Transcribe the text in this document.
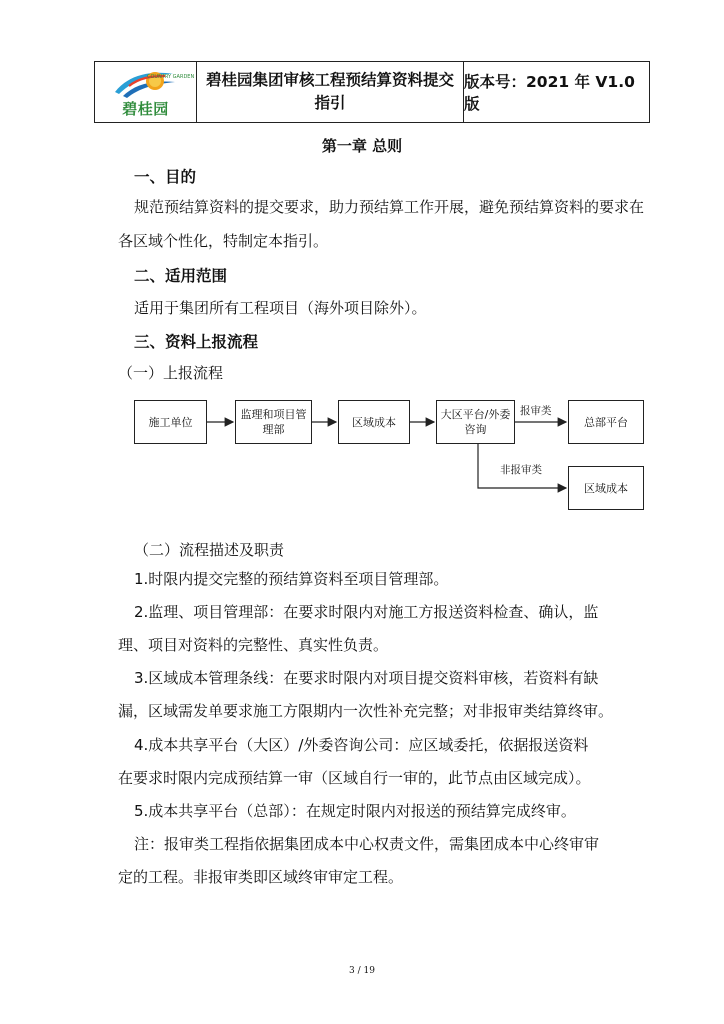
COUNTRY GARDEN
碧桂园
碧桂园集团审核工程预结算资料提交指引
版本号：2021 年 V1.0 版
第一章 总则
一、目的

规范预结算资料的提交要求，助力预结算工作开展，避免预结算资料的要求在各区域个性化，特制定本指引。

二、适用范围
适用于集团所有工程项目（海外项目除外）。
三、资料上报流程
（一）上报流程
施工单位
监理和项目管理部
区域成本
大区平台/外委咨询
总部平台
区域成本
报审类
非报审类
（二）流程描述及职责
1.时限内提交完整的预结算资料至项目管理部。
2.监理、项目管理部：在要求时限内对施工方报送资料检查、确认，监
理、项目对资料的完整性、真实性负责。
3.区域成本管理条线：在要求时限内对项目提交资料审核，若资料有缺
漏，区域需发单要求施工方限期内一次性补充完整；对非报审类结算终审。
4.成本共享平台（大区）/外委咨询公司：应区域委托，依据报送资料
在要求时限内完成预结算一审（区域自行一审的，此节点由区域完成）。
5.成本共享平台（总部）：在规定时限内对报送的预结算完成终审。
注：报审类工程指依据集团成本中心权责文件，需集团成本中心终审审
定的工程。非报审类即区域终审审定工程。
3 / 19
